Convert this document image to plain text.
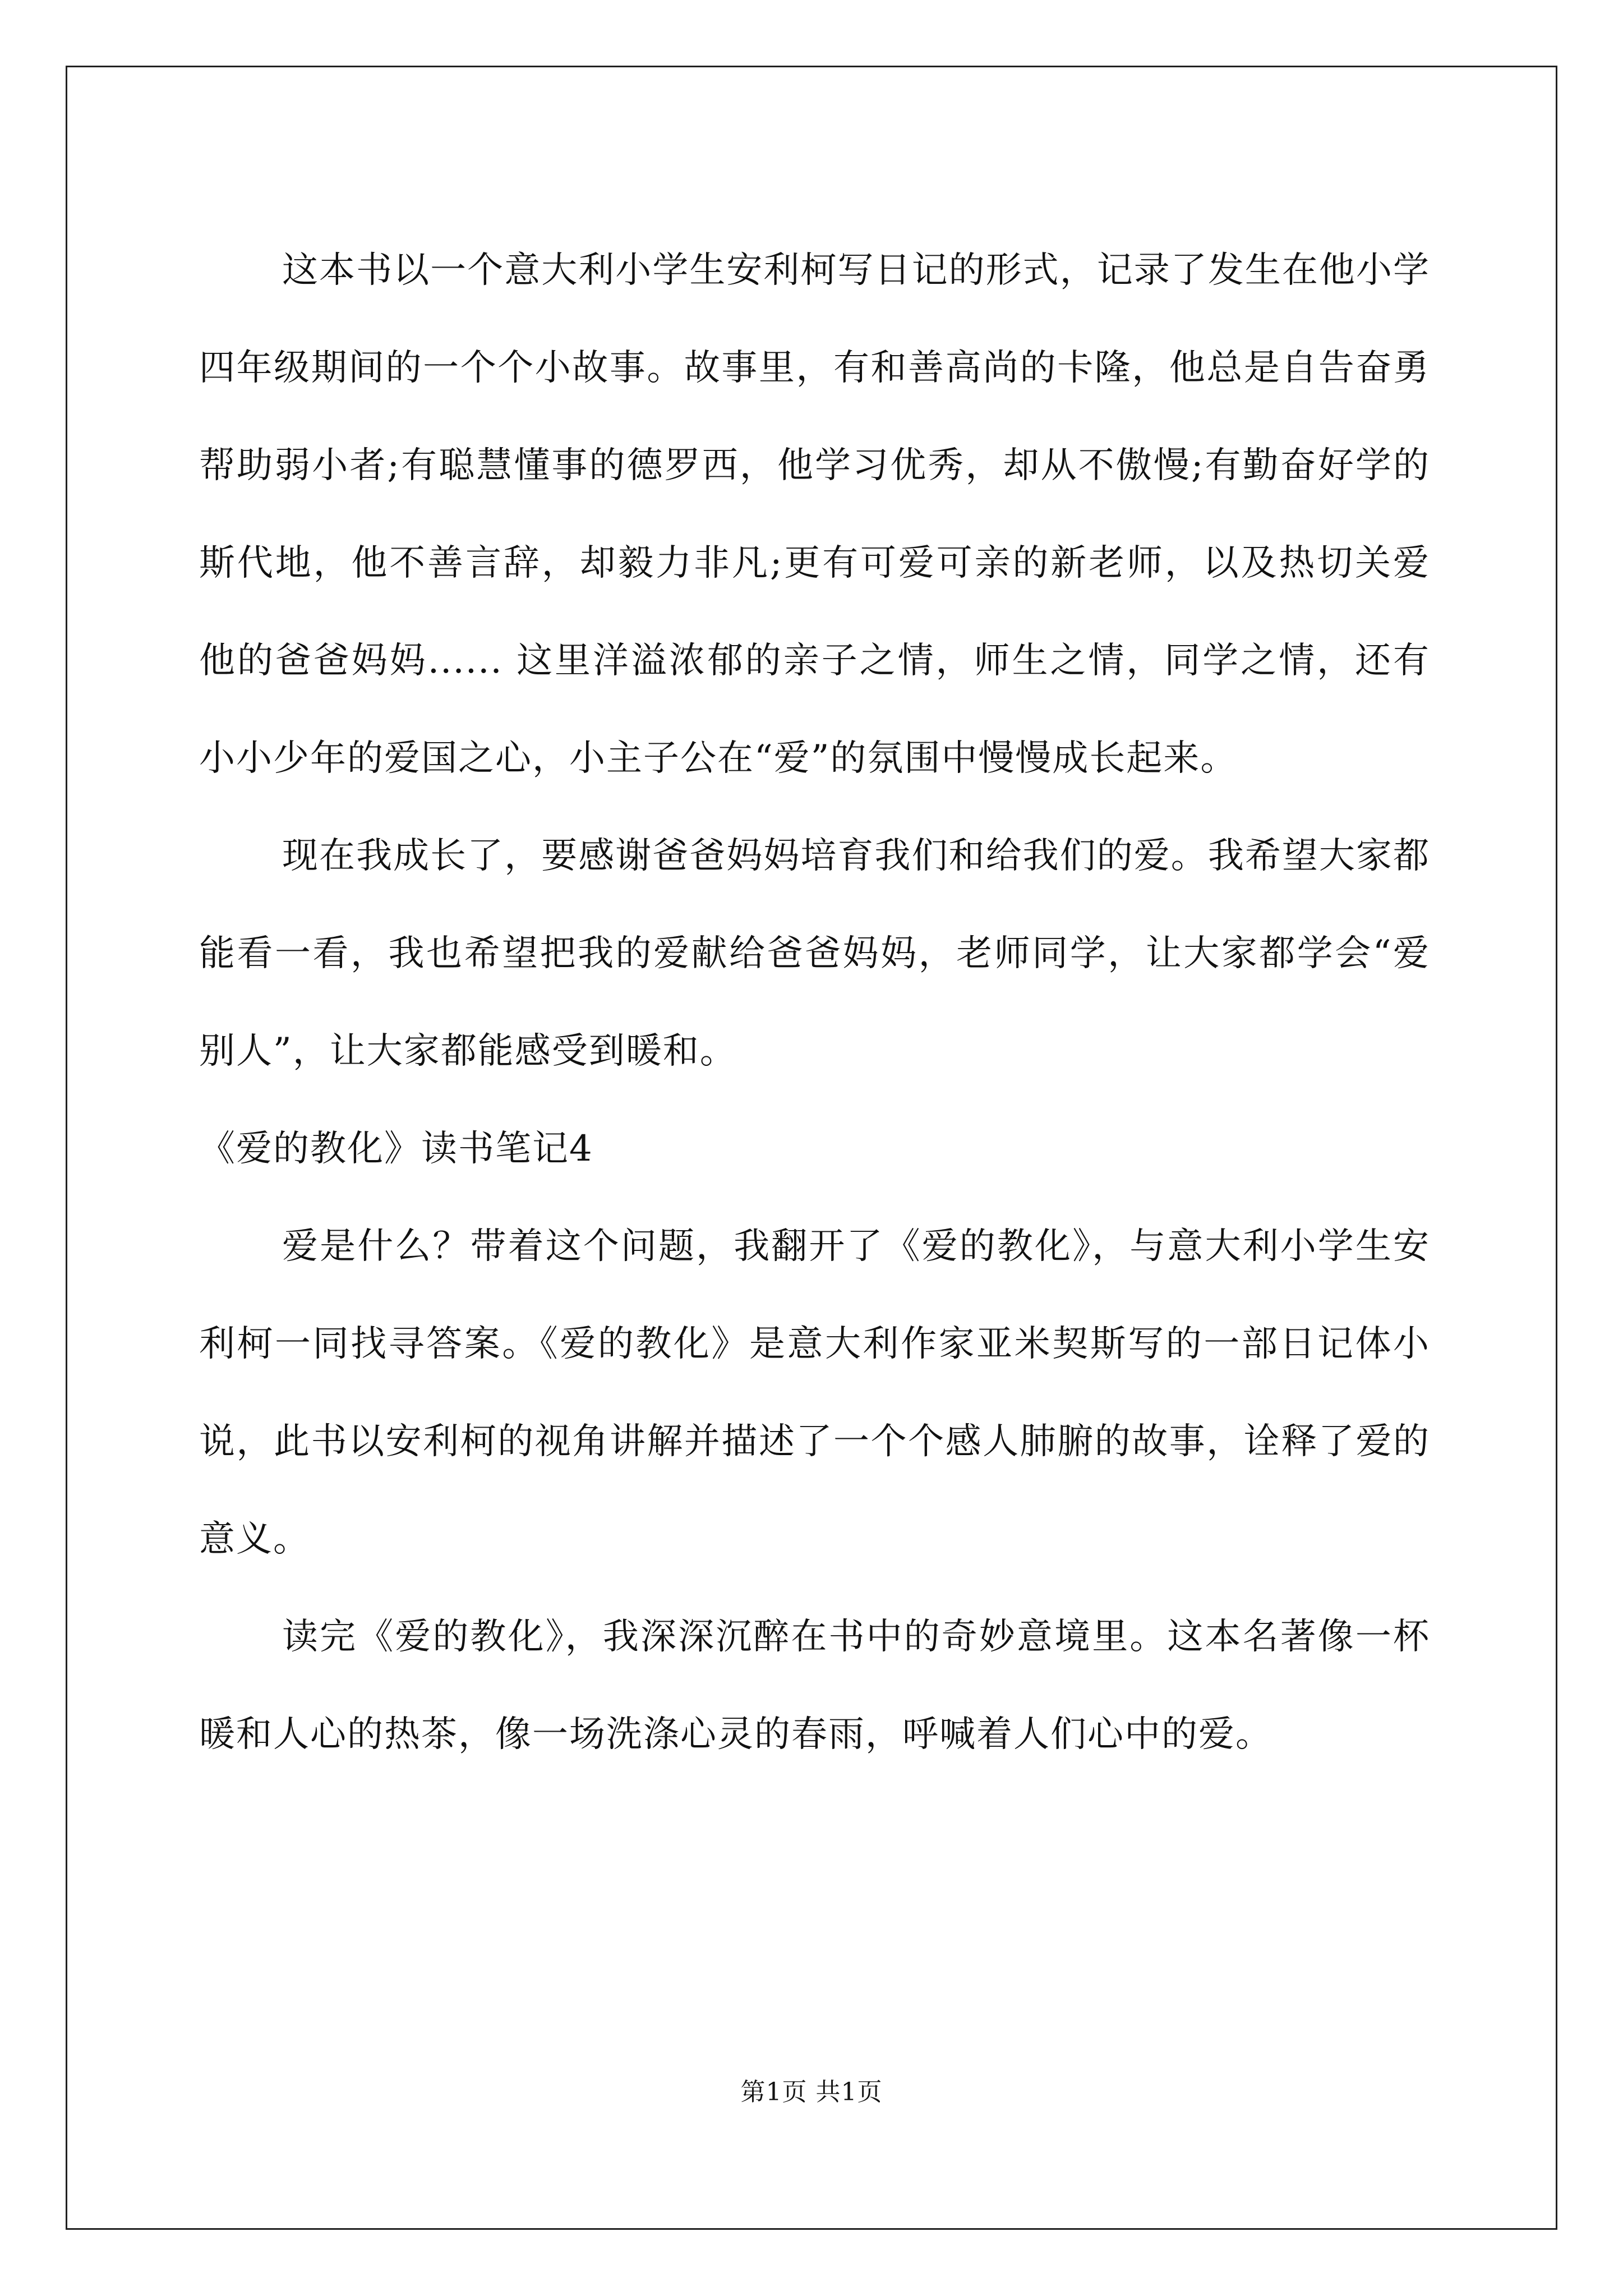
这本书以一个意大利小学生安利柯写日记的形式，记录了发生在他小学四年级期间的一个个小故事。故事里，有和善高尚的卡隆，他总是自告奋勇帮助弱小者;有聪慧懂事的德罗西，他学习优秀，却从不傲慢;有勤奋好学的斯代地，他不善言辞，却毅力非凡;更有可爱可亲的新老师，以及热切关爱他的爸爸妈妈...... 这里洋溢浓郁的亲子之情，师生之情，同学之情，还有小小少年的爱国之心，小主子公在“爱”的氛围中慢慢成长起来。

现在我成长了，要感谢爸爸妈妈培育我们和给我们的爱。我希望大家都能看一看，我也希望把我的爱献给爸爸妈妈，老师同学，让大家都学会“爱别人”，让大家都能感受到暖和。

《爱的教化》读书笔记4

爱是什么？带着这个问题，我翻开了《爱的教化》，与意大利小学生安利柯一同找寻答案。《爱的教化》是意大利作家亚米契斯写的一部日记体小说，此书以安利柯的视角讲解并描述了一个个感人肺腑的故事，诠释了爱的意义。

读完《爱的教化》，我深深沉醉在书中的奇妙意境里。这本名著像一杯暖和人心的热茶，像一场洗涤心灵的春雨，呼喊着人们心中的爱。

第1页 共1页
